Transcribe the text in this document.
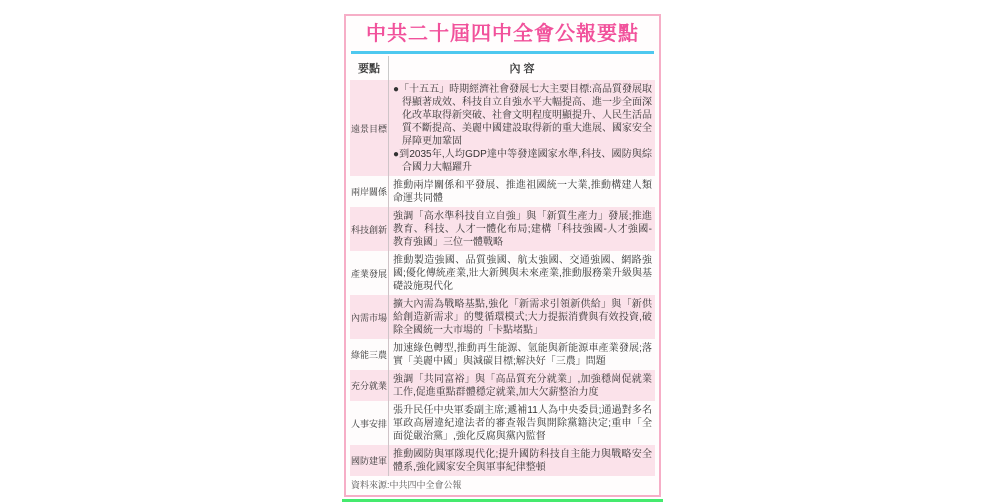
中共二十屆四中全會公報要點
要點	內 容
遠景目標
●「十五五」時期經濟社會發展七大主要目標:高品質發展取得顯著成效、科技自立自強水平大幅提高、進一步全面深化改革取得新突破、社會文明程度明顯提升、人民生活品質不斷提高、美麗中國建設取得新的重大進展、國家安全屏障更加鞏固
●到2035年,人均GDP達中等發達國家水準,科技、國防與綜合國力大幅躍升
兩岸關係
推動兩岸關係和平發展、推進祖國統一大業,推動構建人類命運共同體
科技創新
強調「高水準科技自立自強」與「新質生產力」發展;推進教育、科技、人才一體化布局;建構「科技強國-人才強國-教育強國」三位一體戰略
產業發展
推動製造強國、品質強國、航太強國、交通強國、網路強國;優化傳統產業,壯大新興與未來產業,推動服務業升級與基礎設施現代化
內需市場
擴大內需為戰略基點,強化「新需求引領新供給」與「新供給創造新需求」的雙循環模式;大力提振消費與有效投資,破除全國統一大市場的「卡點堵點」
綠能三農
加速綠色轉型,推動再生能源、氫能與新能源車產業發展;落實「美麗中國」與減碳目標;解決好「三農」問題
充分就業
強調「共同富裕」與「高品質充分就業」,加強穩崗促就業工作,促進重點群體穩定就業,加大欠薪整治力度
人事安排
張升民任中央軍委副主席;遞補11人為中央委員;通過對多名軍政高層違紀違法者的審查報告與開除黨籍決定;重申「全面從嚴治黨」,強化反腐與黨內監督
國防建軍
推動國防與軍隊現代化;提升國防科技自主能力與戰略安全體系,強化國家安全與軍事紀律整頓
資料來源:中共四中全會公報
